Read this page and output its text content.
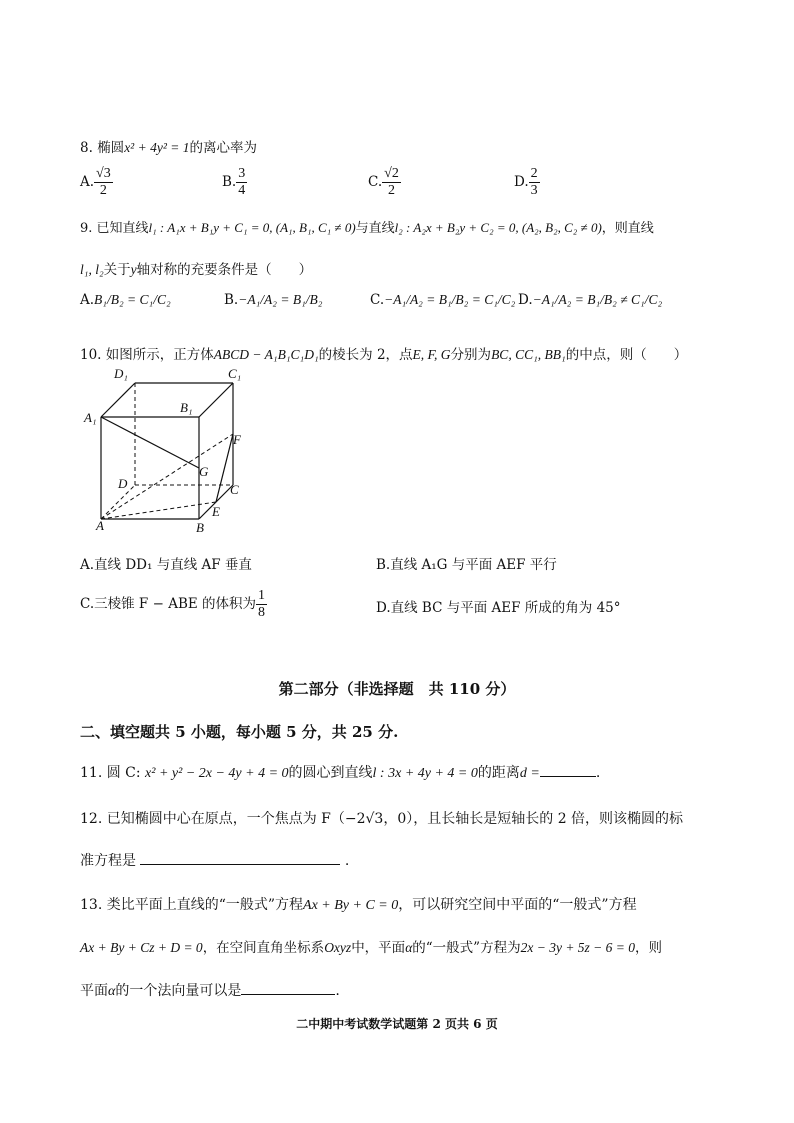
8. 椭圆x² + 4y² = 1的离心率为
A. $\frac{√3}{2}$	B. $\frac{3}{4}$	C. $\frac{√2}{2}$	D. $\frac{2}{3}$
9. 已知直线l₁ : A₁x + B₁y + C₁ = 0, (A₁, B₁, C₁ ≠ 0)与直线l₂ : A₂x + B₂y + C₂ = 0, (A₂, B₂, C₂ ≠ 0)，则直线
l₁, l₂关于y轴对称的充要条件是（　　）
A.B₁/B₂ = C₁/C₂	B.−A₁/A₂ = B₁/B₂	C.−A₁/A₂ = B₁/B₂ = C₁/C₂ D.−A₁/A₂ = B₁/B₂ ≠ C₁/C₂
10. 如图所示，正方体ABCD − A₁B₁C₁D₁的棱长为 2，点E, F, G分别为BC, CC₁, BB₁的中点，则（　　）
A₁
A	B
B₁
C₁
D₁
D	C
F
G
E
A.直线 DD₁ 与直线 AF 垂直	B.直线 A₁G 与平面 AEF 平行
C.三棱锥 F − ABE 的体积为 $\frac{1}{8}$	D.直线 BC 与平面 AEF 所成的角为 45°
第二部分（非选择题　共 110 分）
二、填空题共 5 小题，每小题 5 分，共 25 分.
11. 圆 C: x² + y² − 2x − 4y + 4 = 0的圆心到直线l : 3x + 4y + 4 = 0的距离d =	.
12. 已知椭圆中心在原点，一个焦点为 F（−2√3，0），且长轴长是短轴长的 2 倍，则该椭圆的标
准方程是	.
13. 类比平面上直线的“一般式”方程Ax + By + C = 0，可以研究空间中平面的“一般式”方程
Ax + By + Cz + D = 0，在空间直角坐标系Oxyz中，平面α的“一般式”方程为2x − 3y + 5z − 6 = 0，则
平面α的一个法向量可以是	.
二中期中考试数学试题第 2 页共 6 页
